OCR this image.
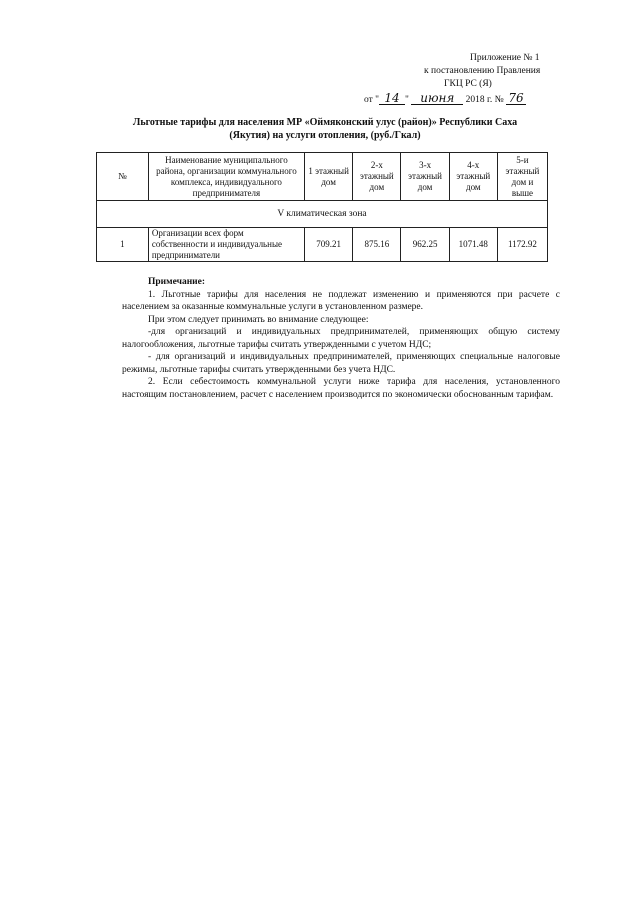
Приложение № 1
к постановлению Правления
ГКЦ РС (Я)
от " 14 " июня 2018 г. № 76
Льготные тарифы для населения МР «Оймяконский улус (район)» Республики Саха
(Якутия) на услуги отопления, (руб./Гкал)
№	Наименование муниципального района, организации коммунального комплекса, индивидуального предпринимателя	1 этажный дом	2-х этажный дом	3-х этажный дом	4-х этажный дом	5-и этажный дом и выше
V климатическая зона						
1	Организации всех форм собственности и индивидуальные предприниматели	709.21	875.16	962.25	1071.48	1172.92

Примечание:

1. Льготные тарифы для населения не подлежат изменению и применяются при расчете с населением за оказанные коммунальные услуги в установленном размере.

При этом следует принимать во внимание следующее:

-для организаций и индивидуальных предпринимателей, применяющих общую систему налогообложения, льготные тарифы считать утвержденными с учетом НДС;

- для организаций и индивидуальных предпринимателей, применяющих специальные налоговые режимы, льготные тарифы считать утвержденными без учета НДС.

2. Если себестоимость коммунальной услуги ниже тарифа для населения, установленного настоящим постановлением, расчет с населением производится по экономически обоснованным тарифам.
